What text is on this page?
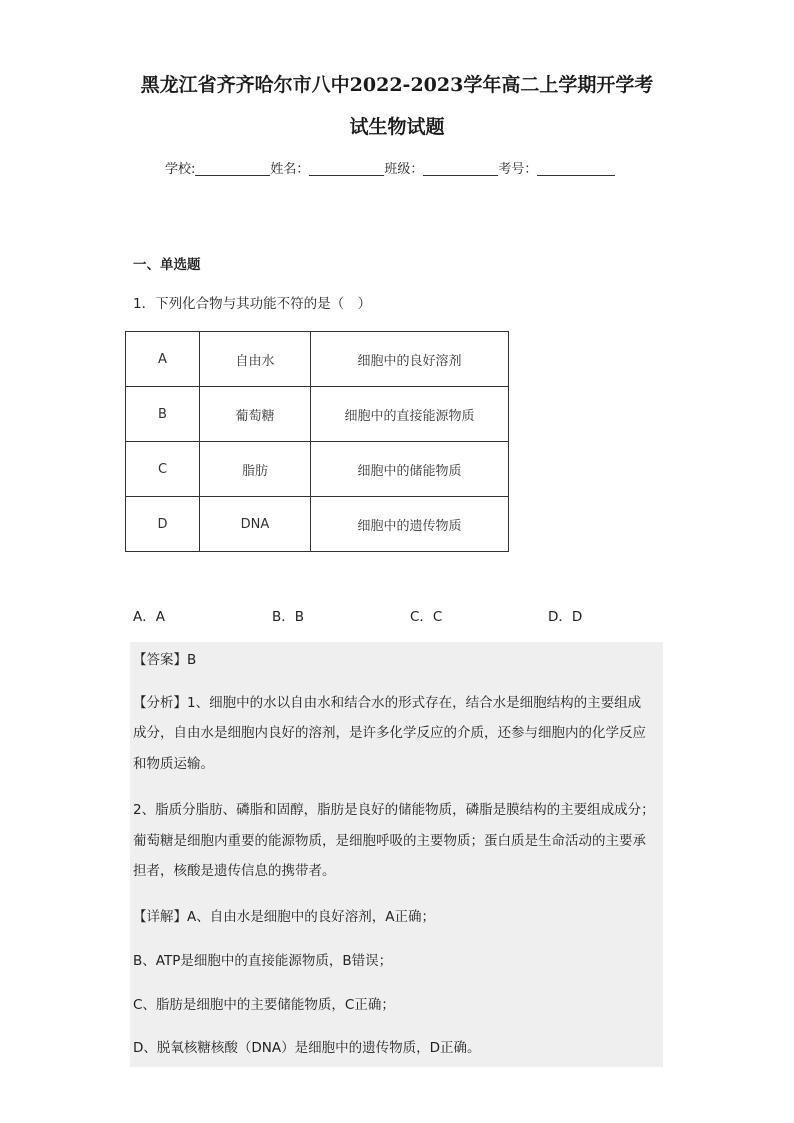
黑龙江省齐齐哈尔市八中2022-2023学年高二上学期开学考
试生物试题
学校:	姓名：	班级：	考号：
一、单选题
1．下列化合物与其功能不符的是（　）
A	自由水	细胞中的良好溶剂
B	葡萄糖	细胞中的直接能源物质
C	脂肪	细胞中的储能物质
D	DNA	细胞中的遗传物质
A．A	B．B	C．C	D．D
【答案】B
【分析】1、细胞中的水以自由水和结合水的形式存在，结合水是细胞结构的主要组成
成分，自由水是细胞内良好的溶剂，是许多化学反应的介质，还参与细胞内的化学反应
和物质运输。
2、脂质分脂肪、磷脂和固醇，脂肪是良好的储能物质，磷脂是膜结构的主要组成成分；
葡萄糖是细胞内重要的能源物质，是细胞呼吸的主要物质；蛋白质是生命活动的主要承
担者，核酸是遗传信息的携带者。
【详解】A、自由水是细胞中的良好溶剂，A正确；
B、ATP是细胞中的直接能源物质，B错误；
C、脂肪是细胞中的主要储能物质，C正确；
D、脱氧核糖核酸（DNA）是细胞中的遗传物质，D正确。
